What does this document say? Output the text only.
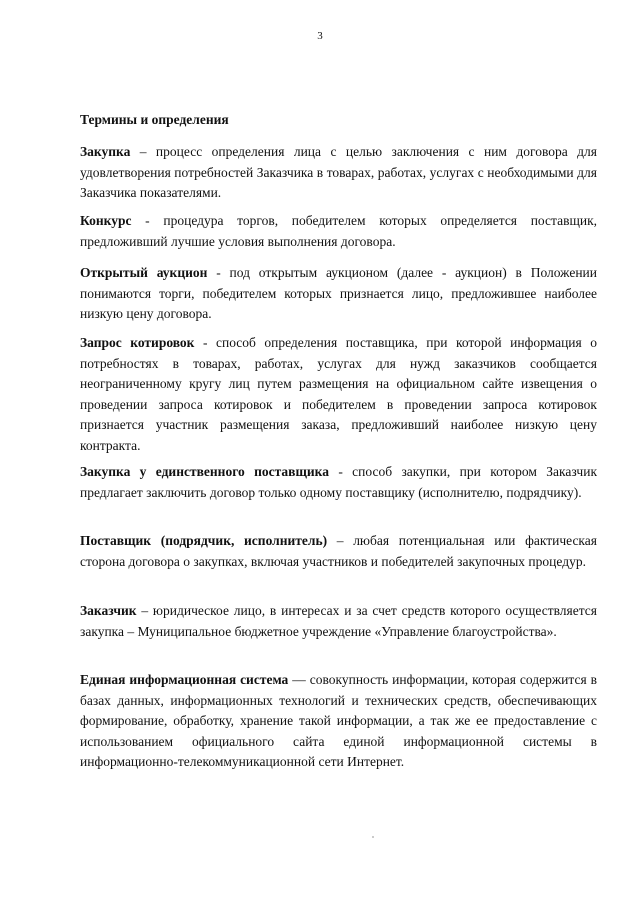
3
Термины и определения

Закупка – процесс определения лица с целью заключения с ним договора для удовлетворения потребностей Заказчика в товарах, работах, услугах с необходимыми для Заказчика показателями.

Конкурс - процедура торгов, победителем которых определяется поставщик, предложивший лучшие условия выполнения договора.

Открытый аукцион - под открытым аукционом (далее - аукцион) в Положении понимаются торги, победителем которых признается лицо, предложившее наиболее низкую цену договора.

Запрос котировок - способ определения поставщика, при которой информация о потребностях в товарах, работах, услугах для нужд заказчиков сообщается неограниченному кругу лиц путем размещения на официальном сайте извещения о проведении запроса котировок и победителем в проведении запроса котировок признается участник размещения заказа, предложивший наиболее низкую цену контракта.

Закупка у единственного поставщика - способ закупки, при котором Заказчик предлагает заключить договор только одному поставщику (исполнителю, подрядчику).

Поставщик (подрядчик, исполнитель) – любая потенциальная или фактическая сторона договора о закупках, включая участников и победителей закупочных процедур.

Заказчик – юридическое лицо, в интересах и за счет средств которого осуществляется закупка – Муниципальное бюджетное учреждение «Управление благоустройства».

Единая информационная система — совокупность информации, которая содержится в базах данных, информационных технологий и технических средств, обеспечивающих формирование, обработку, хранение такой информации, а так же ее предоставление с использованием официального сайта единой информационной системы в информационно-телекоммуникационной сети Интернет.
